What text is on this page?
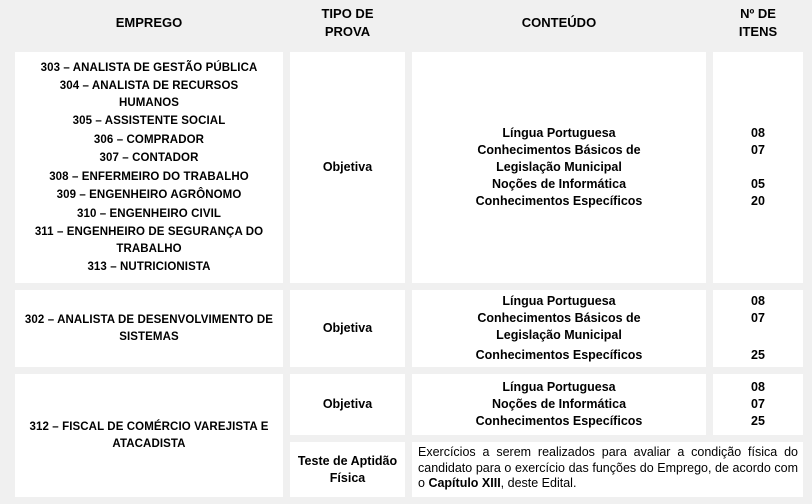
EMPREGO
TIPO DE
PROVA
CONTEÚDO
Nº DE
ITENS
303 – ANALISTA DE GESTÃO PÚBLICA
304 – ANALISTA DE RECURSOS HUMANOS
305 – ASSISTENTE SOCIAL
306 – COMPRADOR
307 – CONTADOR
308 – ENFERMEIRO DO TRABALHO
309 – ENGENHEIRO AGRÔNOMO
310 – ENGENHEIRO CIVIL
311 – ENGENHEIRO DE SEGURANÇA DO TRABALHO
313 – NUTRICIONISTA
Objetiva
Língua Portuguesa
Conhecimentos Básicos de Legislação Municipal
Noções de Informática
Conhecimentos Específicos
08
07
05
20
302 – ANALISTA DE DESENVOLVIMENTO DE SISTEMAS
Objetiva
Língua Portuguesa
Conhecimentos Básicos de Legislação Municipal
Conhecimentos Específicos
08
07
25
312 – FISCAL DE COMÉRCIO VAREJISTA E ATACADISTA
Objetiva
Língua Portuguesa
Noções de Informática
Conhecimentos Específicos
08
07
25
Teste de Aptidão
Física
Exercícios a serem realizados para avaliar a condição física do candidato para o exercício das funções do Emprego, de acordo com o Capítulo XIII, deste Edital.
